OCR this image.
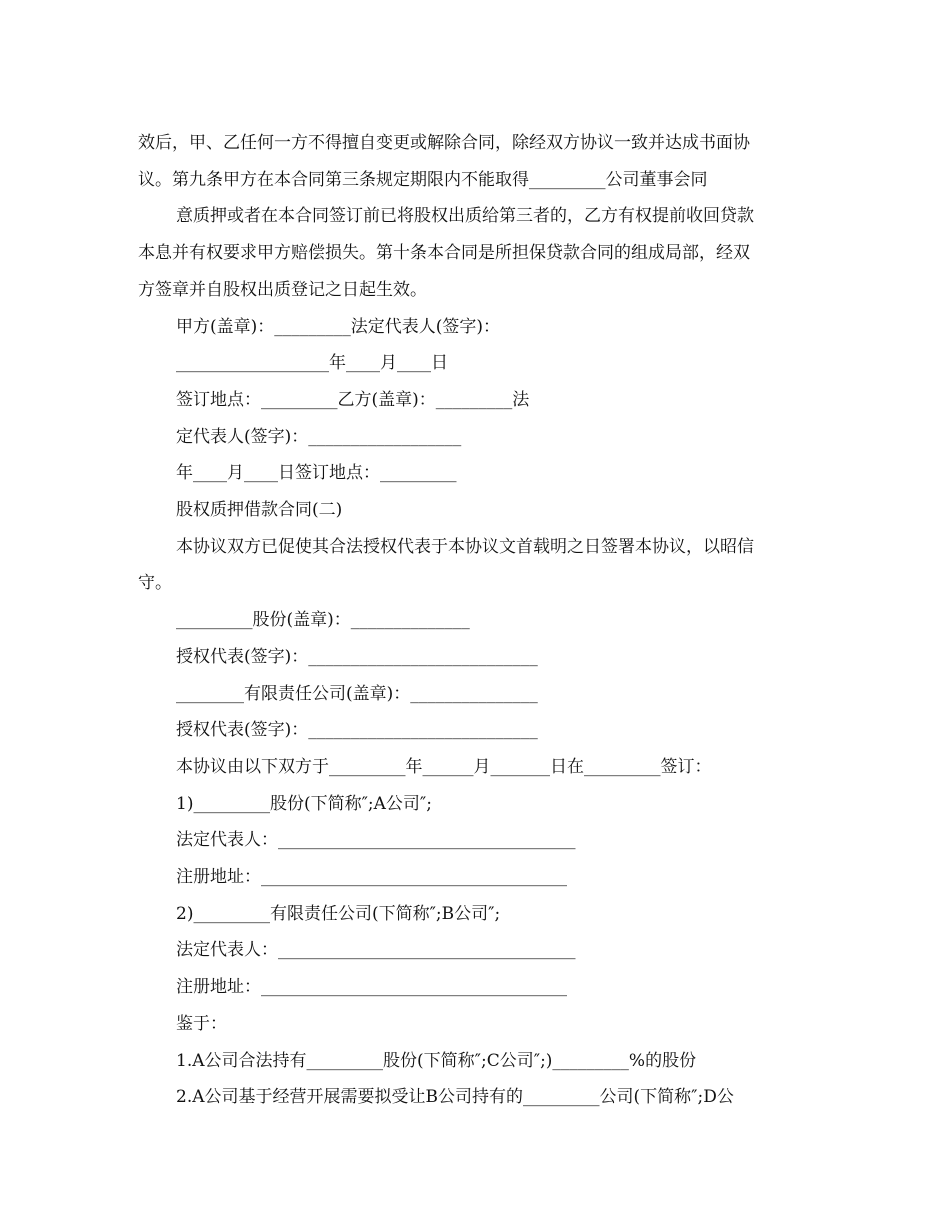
效后，甲、乙任何一方不得擅自变更或解除合同，除经双方协议一致并达成书面协

议。第九条甲方在本合同第三条规定期限内不能取得_________公司董事会同

意质押或者在本合同签订前已将股权出质给第三者的，乙方有权提前收回贷款

本息并有权要求甲方赔偿损失。第十条本合同是所担保贷款合同的组成局部，经双

方签章并自股权出质登记之日起生效。

甲方(盖章)：_________法定代表人(签字)：

__________________年____月____日

签订地点：_________乙方(盖章)：_________法

定代表人(签字)：__________________

年____月____日签订地点：_________

股权质押借款合同(二)

本协议双方已促使其合法授权代表于本协议文首载明之日签署本协议，以昭信

守。

_________股份(盖章)：______________

授权代表(签字)：___________________________

________有限责任公司(盖章)：_______________

授权代表(签字)：___________________________

本协议由以下双方于_________年______月_______日在_________签订：

1)_________股份(下简称″;A公司″;

法定代表人：___________________________________

注册地址：____________________________________

2)_________有限责任公司(下简称″;B公司″;

法定代表人：___________________________________

注册地址：____________________________________

鉴于：

1.A公司合法持有_________股份(下简称″;C公司″;)_________%的股份

2.A公司基于经营开展需要拟受让B公司持有的_________公司(下简称″;D公
